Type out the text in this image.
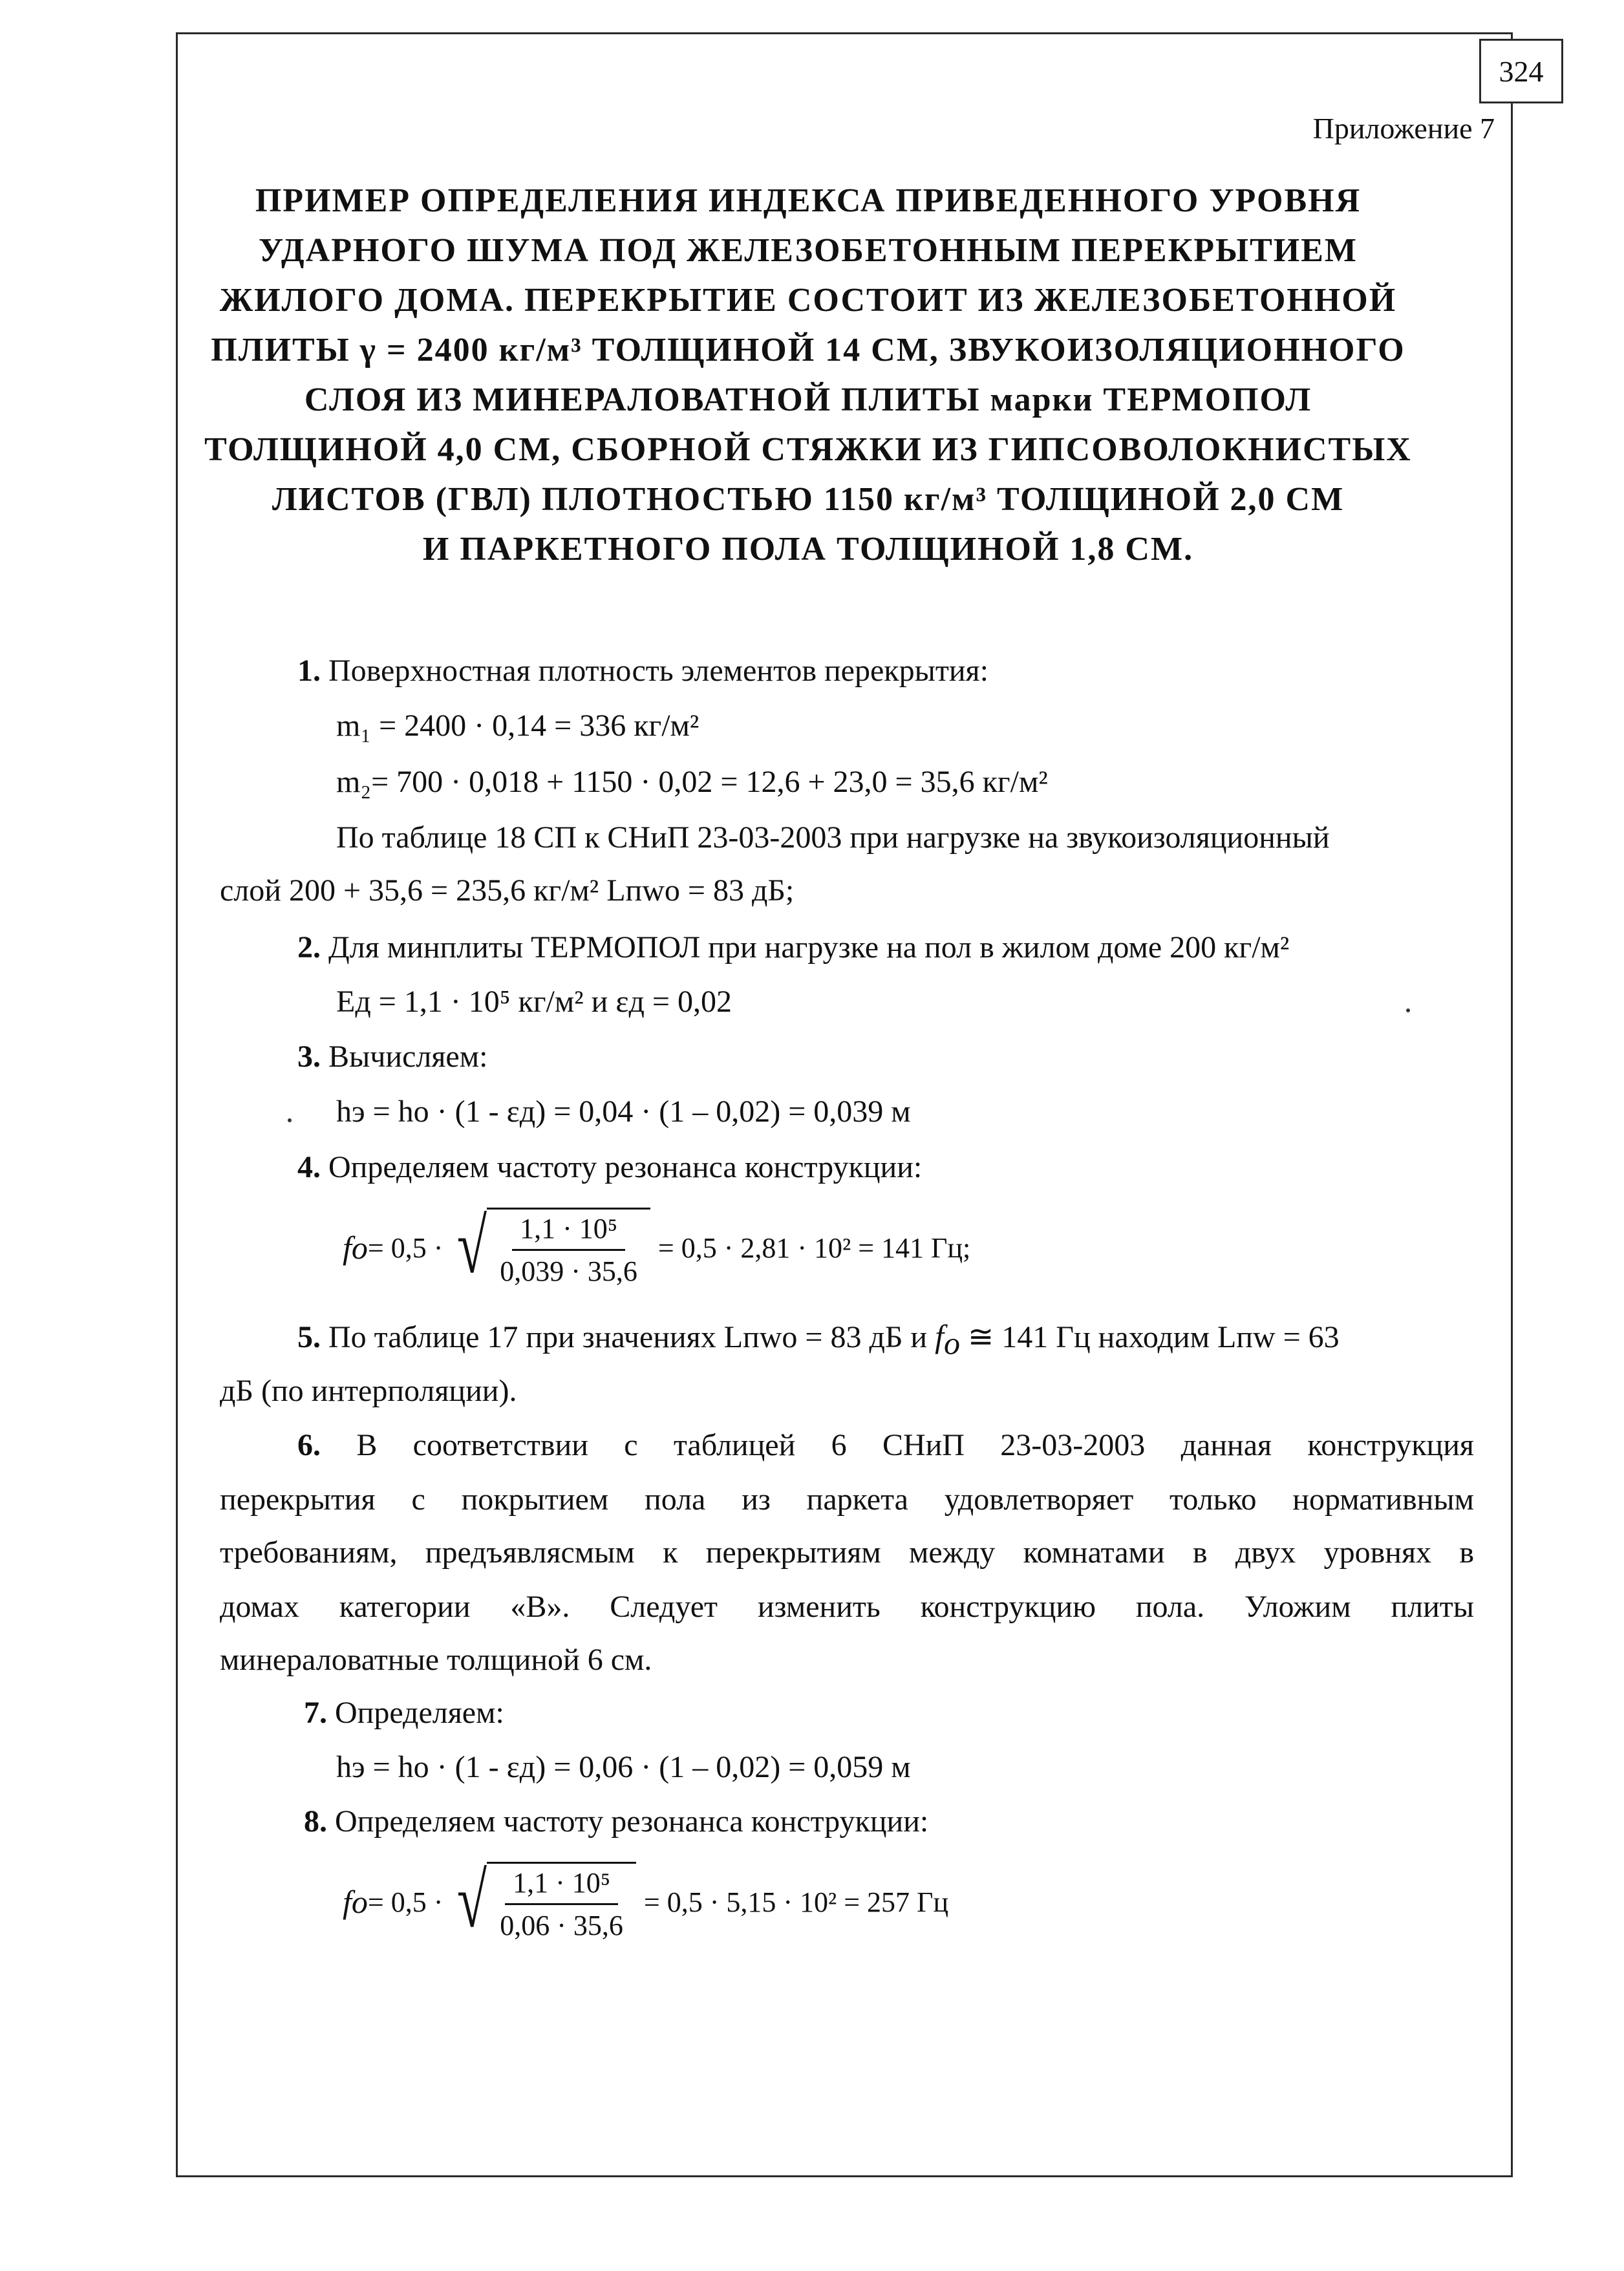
324
Приложение 7
ПРИМЕР ОПРЕДЕЛЕНИЯ ИНДЕКСА ПРИВЕДЕННОГО УРОВНЯ
УДАРНОГО ШУМА ПОД ЖЕЛЕЗОБЕТОННЫМ ПЕРЕКРЫТИЕМ
ЖИЛОГО ДОМА. ПЕРЕКРЫТИЕ СОСТОИТ ИЗ ЖЕЛЕЗОБЕТОННОЙ
ПЛИТЫ γ = 2400 кг/м³ ТОЛЩИНОЙ 14 СМ, ЗВУКОИЗОЛЯЦИОННОГО
СЛОЯ ИЗ МИНЕРАЛОВАТНОЙ ПЛИТЫ марки ТЕРМОПОЛ
ТОЛЩИНОЙ 4,0 СМ, СБОРНОЙ СТЯЖКИ ИЗ ГИПСОВОЛОКНИСТЫХ
ЛИСТОВ (ГВЛ) ПЛОТНОСТЬЮ 1150 кг/м³ ТОЛЩИНОЙ 2,0 СМ
И ПАРКЕТНОГО ПОЛА ТОЛЩИНОЙ 1,8 СМ.
1. Поверхностная плотность элементов перекрытия:
m₁ = 2400 · 0,14 = 336 кг/м²
m₂= 700 · 0,018 + 1150 · 0,02 = 12,6 + 23,0 = 35,6 кг/м²
По таблице 18 СП к СНиП 23-03-2003 при нагрузке на звукоизоляционный
слой 200 + 35,6 = 235,6 кг/м² Lпwo = 83 дБ;
2. Для минплиты ТЕРМОПОЛ при нагрузке на пол в жилом доме 200 кг/м²
Ед = 1,1 · 10⁵ кг/м² и εд = 0,02
3. Вычисляем:
hэ = hо · (1 - εд) = 0,04 · (1 – 0,02) = 0,039 м
4. Определяем частоту резонанса конструкции:
f o = 0,5 · √ $\frac{\text{1,1 · 10⁵}}{0,039 \cdot 35,6} = 0,5 \cdot 2,81 \cdot 10^2 = 141$ Гц;
5. По таблице 17 при значениях Lпwo = 83 дБ и $f_o$ ≅ 141 Гц находим Lпw = 63
дБ (по интерполяции).
6. В соответствии с таблицей 6 СНиП 23-03-2003 данная конструкция
перекрытия с покрытием пола из паркета удовлетворяет только нормативным
требованиям, предъявлясмым к перекрытиям между комнатами в двух уровнях в
домах категории «В». Следует изменить конструкцию пола. Уложим плиты
минераловатные толщиной 6 см.
7. Определяем:
hэ = hо · (1 - εд) = 0,06 · (1 – 0,02) = 0,059 м
8. Определяем частоту резонанса конструкции:
f o = 0,5 · √ $\frac{\text{1,1 · 10⁵}}{0,06 \cdot 35,6} = 0,5 \cdot 5,15 \cdot 10^2 = 257$ Гц
